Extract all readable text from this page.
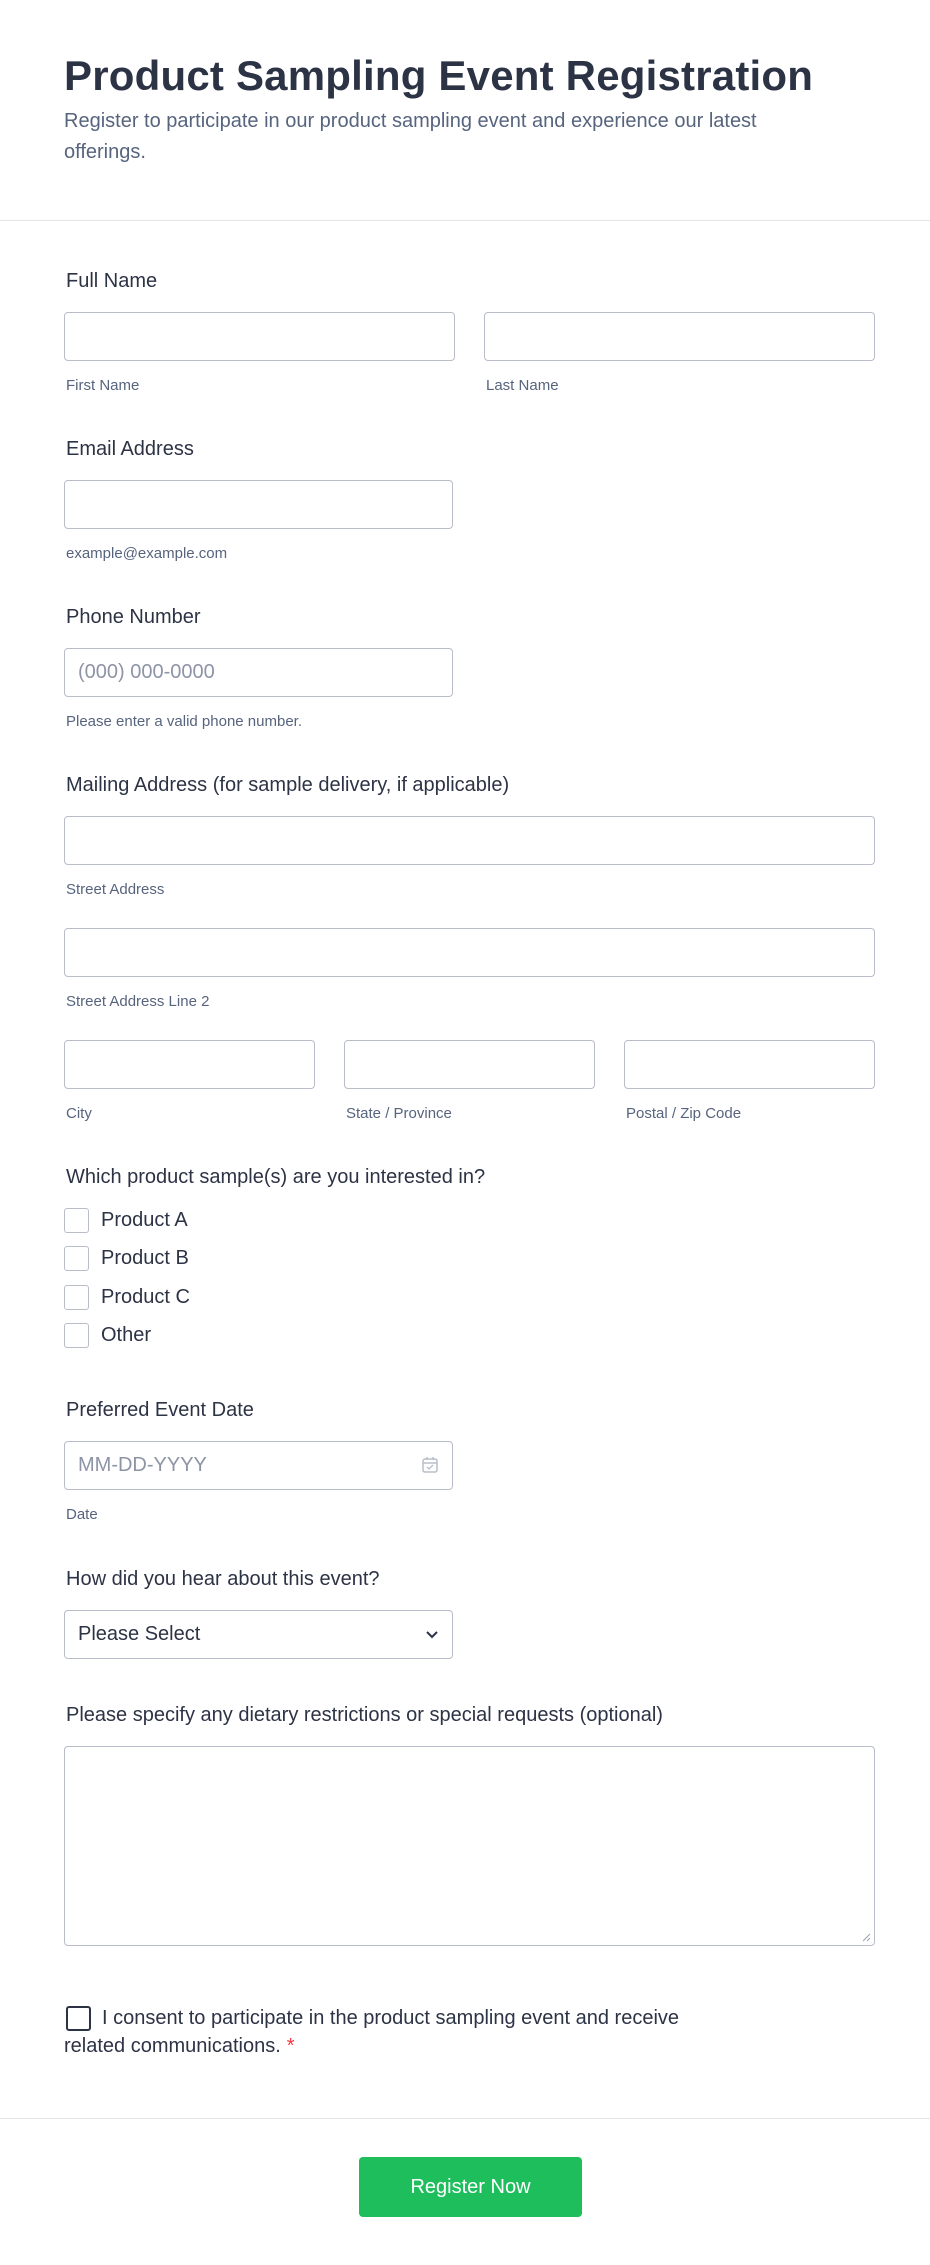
Product Sampling Event Registration
Register to participate in our product sampling event and experience our latest offerings.
Full Name
First Name	Last Name
Email Address
example@example.com
Phone Number
(000) 000-0000
Please enter a valid phone number.
Mailing Address (for sample delivery, if applicable)
Street Address
Street Address Line 2
City	State / Province	Postal / Zip Code
Which product sample(s) are you interested in?
Product A
Product B
Product C
Other
Preferred Event Date
MM-DD-YYYY
Date
How did you hear about this event?
Please Select
Please specify any dietary restrictions or special requests (optional)
I consent to participate in the product sampling event and receive related communications. *
Register Now
